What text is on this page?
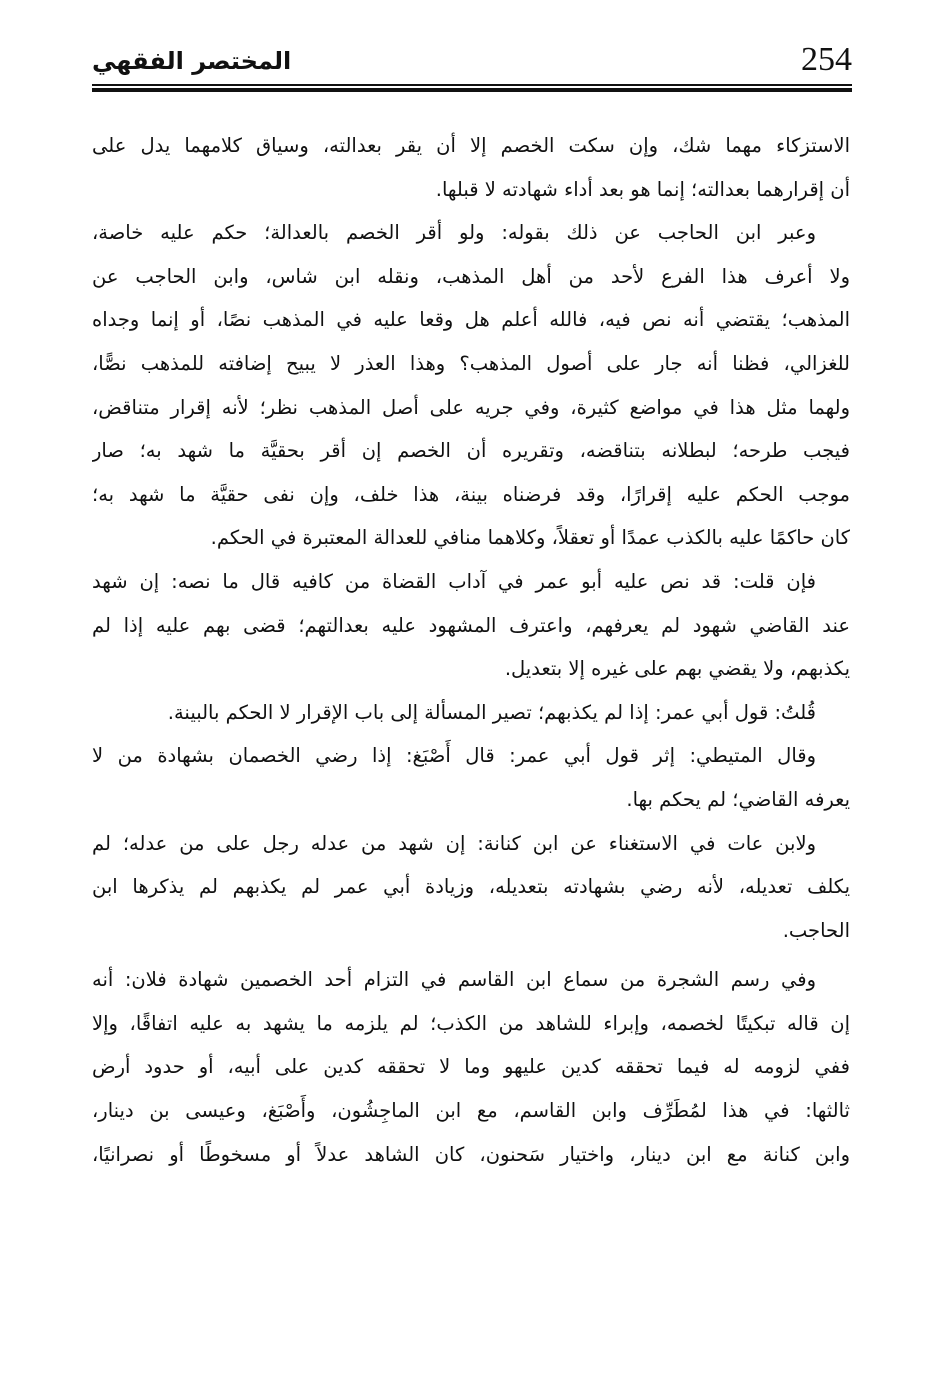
254
المختصر الفقهي
الاستزكاء مهما شك، وإن سكت الخصم إلا أن يقر بعدالته، وسياق كلامهما يدل على
أن إقرارهما بعدالته؛ إنما هو بعد أداء شهادته لا قبلها.
وعبر ابن الحاجب عن ذلك بقوله: ولو أقر الخصم بالعدالة؛ حكم عليه خاصة،
ولا أعرف هذا الفرع لأحد من أهل المذهب، ونقله ابن شاس، وابن الحاجب عن
المذهب؛ يقتضي أنه نص فيه، فالله أعلم هل وقعا عليه في المذهب نصًا، أو إنما وجداه
للغزالي، فظنا أنه جار على أصول المذهب؟ وهذا العذر لا يبيح إضافته للمذهب نصًّا،
ولهما مثل هذا في مواضع كثيرة، وفي جريه على أصل المذهب نظر؛ لأنه إقرار متناقض،
فيجب طرحه؛ لبطلانه بتناقضه، وتقريره أن الخصم إن أقر بحقيَّة ما شهد به؛ صار
موجب الحكم عليه إقرارًا، وقد فرضناه بينة، هذا خلف، وإن نفى حقيَّة ما شهد به؛
كان حاكمًا عليه بالكذب عمدًا أو تعقلاً، وكلاهما منافي للعدالة المعتبرة في الحكم.
فإن قلت: قد نص عليه أبو عمر في آداب القضاة من كافيه قال ما نصه: إن شهد
عند القاضي شهود لم يعرفهم، واعترف المشهود عليه بعدالتهم؛ قضى بهم عليه إذا لم
يكذبهم، ولا يقضي بهم على غيره إلا بتعديل.
قُلتُ: قول أبي عمر: إذا لم يكذبهم؛ تصير المسألة إلى باب الإقرار لا الحكم بالبينة.
وقال المتيطي: إثر قول أبي عمر: قال أَصْبَغ: إذا رضي الخصمان بشهادة من لا
يعرفه القاضي؛ لم يحكم بها.
ولابن عات في الاستغناء عن ابن كنانة: إن شهد من عدله رجل على من عدله؛ لم
يكلف تعديله، لأنه رضي بشهادته بتعديله، وزيادة أبي عمر لم يكذبهم لم يذكرها ابن
الحاجب.
وفي رسم الشجرة من سماع ابن القاسم في التزام أحد الخصمين شهادة فلان: أنه
إن قاله تبكيتًا لخصمه، وإبراء للشاهد من الكذب؛ لم يلزمه ما يشهد به عليه اتفاقًا، وإلا
ففي لزومه له فيما تحققه كدين عليهو وما لا تحققه كدين على أبيه، أو حدود أرض
ثالثها: في هذا لمُطَرِّف وابن القاسم، مع ابن الماجِشُون، وأَصْبَغ، وعيسى بن دينار،
وابن كنانة مع ابن دينار، واختيار سَحنون، كان الشاهد عدلاً أو مسخوطًا أو نصرانيًا،
